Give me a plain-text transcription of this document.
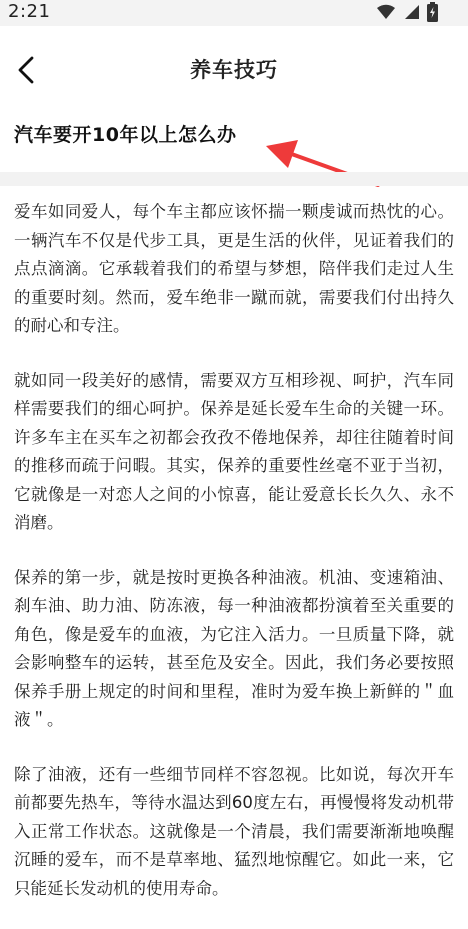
2:21
养车技巧
汽车要开10年以上怎么办

爱车如同爱人，每个车主都应该怀揣一颗虔诚而热忱的心。一辆汽车不仅是代步工具，更是生活的伙伴，见证着我们的点点滴滴。它承载着我们的希望与梦想，陪伴我们走过人生的重要时刻。然而，爱车绝非一蹴而就，需要我们付出持久的耐心和专注。

就如同一段美好的感情，需要双方互相珍视、呵护，汽车同样需要我们的细心呵护。保养是延长爱车生命的关键一环。许多车主在买车之初都会孜孜不倦地保养，却往往随着时间的推移而疏于问暇。其实，保养的重要性丝毫不亚于当初，它就像是一对恋人之间的小惊喜，能让爱意长长久久、永不消磨。

保养的第一步，就是按时更换各种油液。机油、变速箱油、刹车油、助力油、防冻液，每一种油液都扮演着至关重要的角色，像是爱车的血液，为它注入活力。一旦质量下降，就会影响整车的运转，甚至危及安全。因此，我们务必要按照保养手册上规定的时间和里程，准时为爱车换上新鲜的＂血液＂。

除了油液，还有一些细节同样不容忽视。比如说，每次开车前都要先热车，等待水温达到60度左右，再慢慢将发动机带入正常工作状态。这就像是一个清晨，我们需要渐渐地唤醒沉睡的爱车，而不是草率地、猛烈地惊醒它。如此一来，它只能延长发动机的使用寿命。
